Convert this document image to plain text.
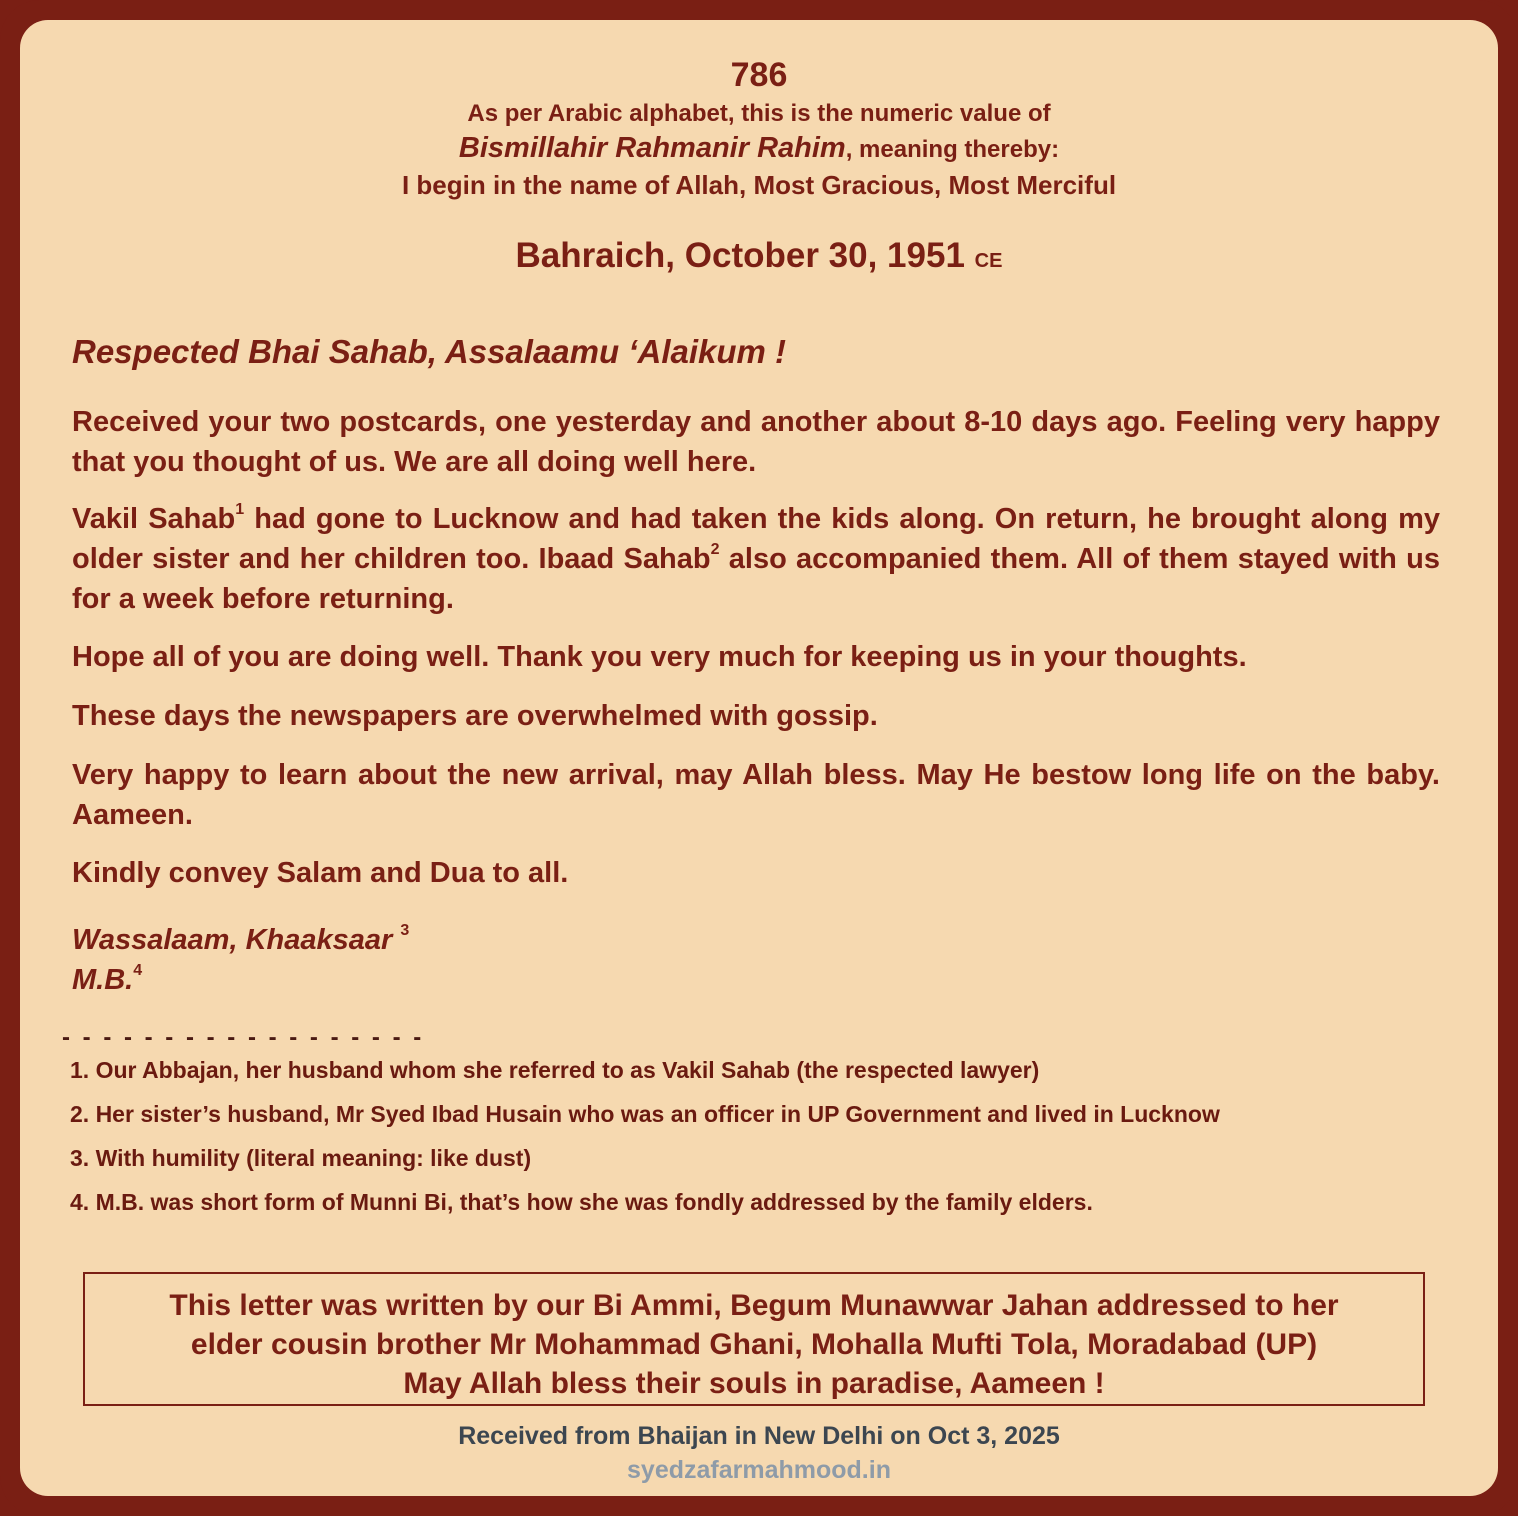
786
As per Arabic alphabet, this is the numeric value of
Bismillahir Rahmanir Rahim, meaning thereby:
I begin in the name of Allah, Most Gracious, Most Merciful
Bahraich, October 30, 1951 CE
Respected Bhai Sahab, Assalaamu ‘Alaikum !

Received your two postcards, one yesterday and another about 8-10 days ago. Feeling very happy that you thought of us. We are all doing well here.

Vakil Sahab$^1$ had gone to Lucknow and had taken the kids along. On return, he brought along my older sister and her children too. Ibaad Sahab$^2$ also accompanied them. All of them stayed with us for a week before returning.

Hope all of you are doing well. Thank you very much for keeping us in your thoughts.

These days the newspapers are overwhelmed with gossip.

Very happy to learn about the new arrival, may Allah bless. May He bestow long life on the baby. Aameen.

Kindly convey Salam and Dua to all.

Wassalaam, Khaaksaar $^3$
M.B.$^4$
- - - - - - - - - - - - - - - - - -
1. Our Abbajan, her husband whom she referred to as Vakil Sahab (the respected lawyer)
2. Her sister’s husband, Mr Syed Ibad Husain who was an officer in UP Government and lived in Lucknow
3. With humility (literal meaning: like dust)
4. M.B. was short form of Munni Bi, that’s how she was fondly addressed by the family elders.
This letter was written by our Bi Ammi, Begum Munawwar Jahan addressed to her
elder cousin brother Mr Mohammad Ghani, Mohalla Mufti Tola, Moradabad (UP)
May Allah bless their souls in paradise, Aameen !
Received from Bhaijan in New Delhi on Oct 3, 2025
syedzafarmahmood.in
